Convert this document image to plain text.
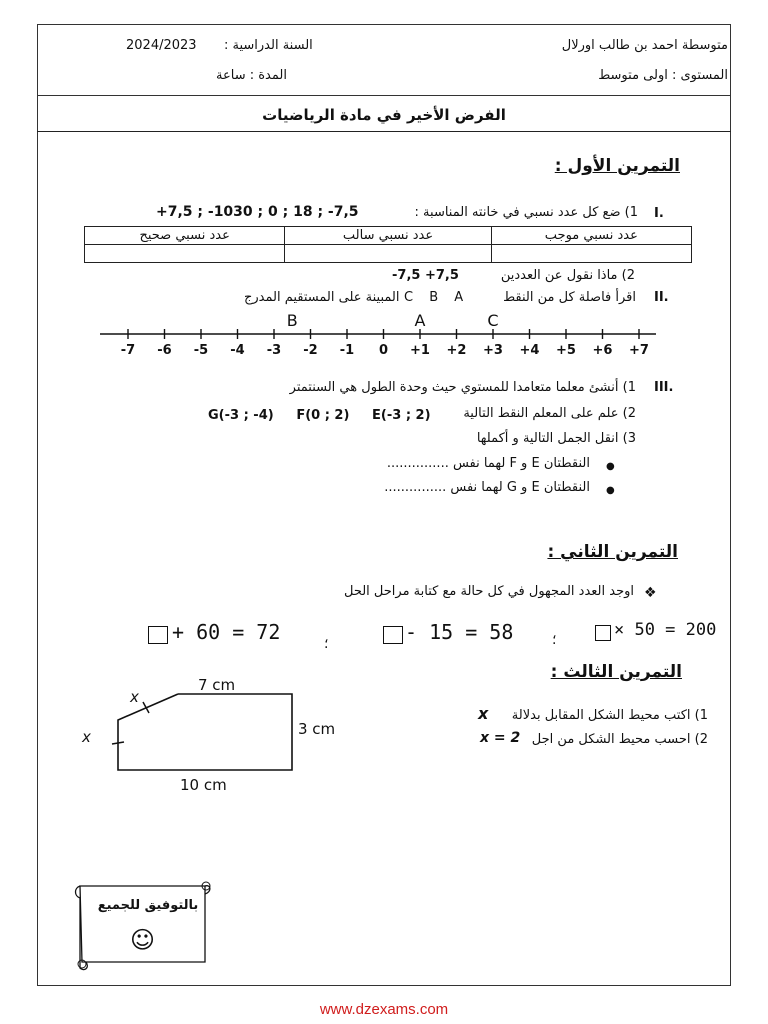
متوسطة احمد بن طالب اورلال
المستوى : اولى متوسط
السنة الدراسية :
2024/2023
المدة : ساعة
الفرض الأخير في مادة الرياضيات
التمرين الأول :
I.
1) ضع كل عدد نسبي في خانته المناسبة :
+7,5 ; -1030 ; 0 ; 18 ; -7,5
عدد نسبي صحيح	عدد نسبي سالب	عدد نسبي موجب

2) ماذا نقول عن العددين
-7,5 +7,5
II.
اقرأ فاصلة كل من النقط
C B A
المبينة على المستقيم المدرج
-7 -6 -5 -4 -3 -2 -1 0 +1 +2 +3 +4 +5 +6 +7
B	A	C
III.
1) أنشئ معلما متعامدا للمستوي حيث وحدة الطول هي السنتمتر
2) علم على المعلم النقط التالية
G(-3 ; -4)     F(0 ; 2)     E(-3 ; 2)
3) انقل الجمل التالية و أكملها
●
النقطتان E و F لهما نفس ...............
●
النقطتان E و G لهما نفس ...............
التمرين الثاني :
❖
اوجد العدد المجهول في كل حالة مع كتابة مراحل الحل
+ 60 = 72	؛	- 15 = 58	؛	× 50 = 200
التمرين الثالث :
7 cm
3 cm
10 cm
x
x
1) اكتب محيط الشكل المقابل بدلالة
x
2) احسب محيط الشكل من اجل
x = 2
بالتوفيق للجميع
☺
www.dzexams.com
